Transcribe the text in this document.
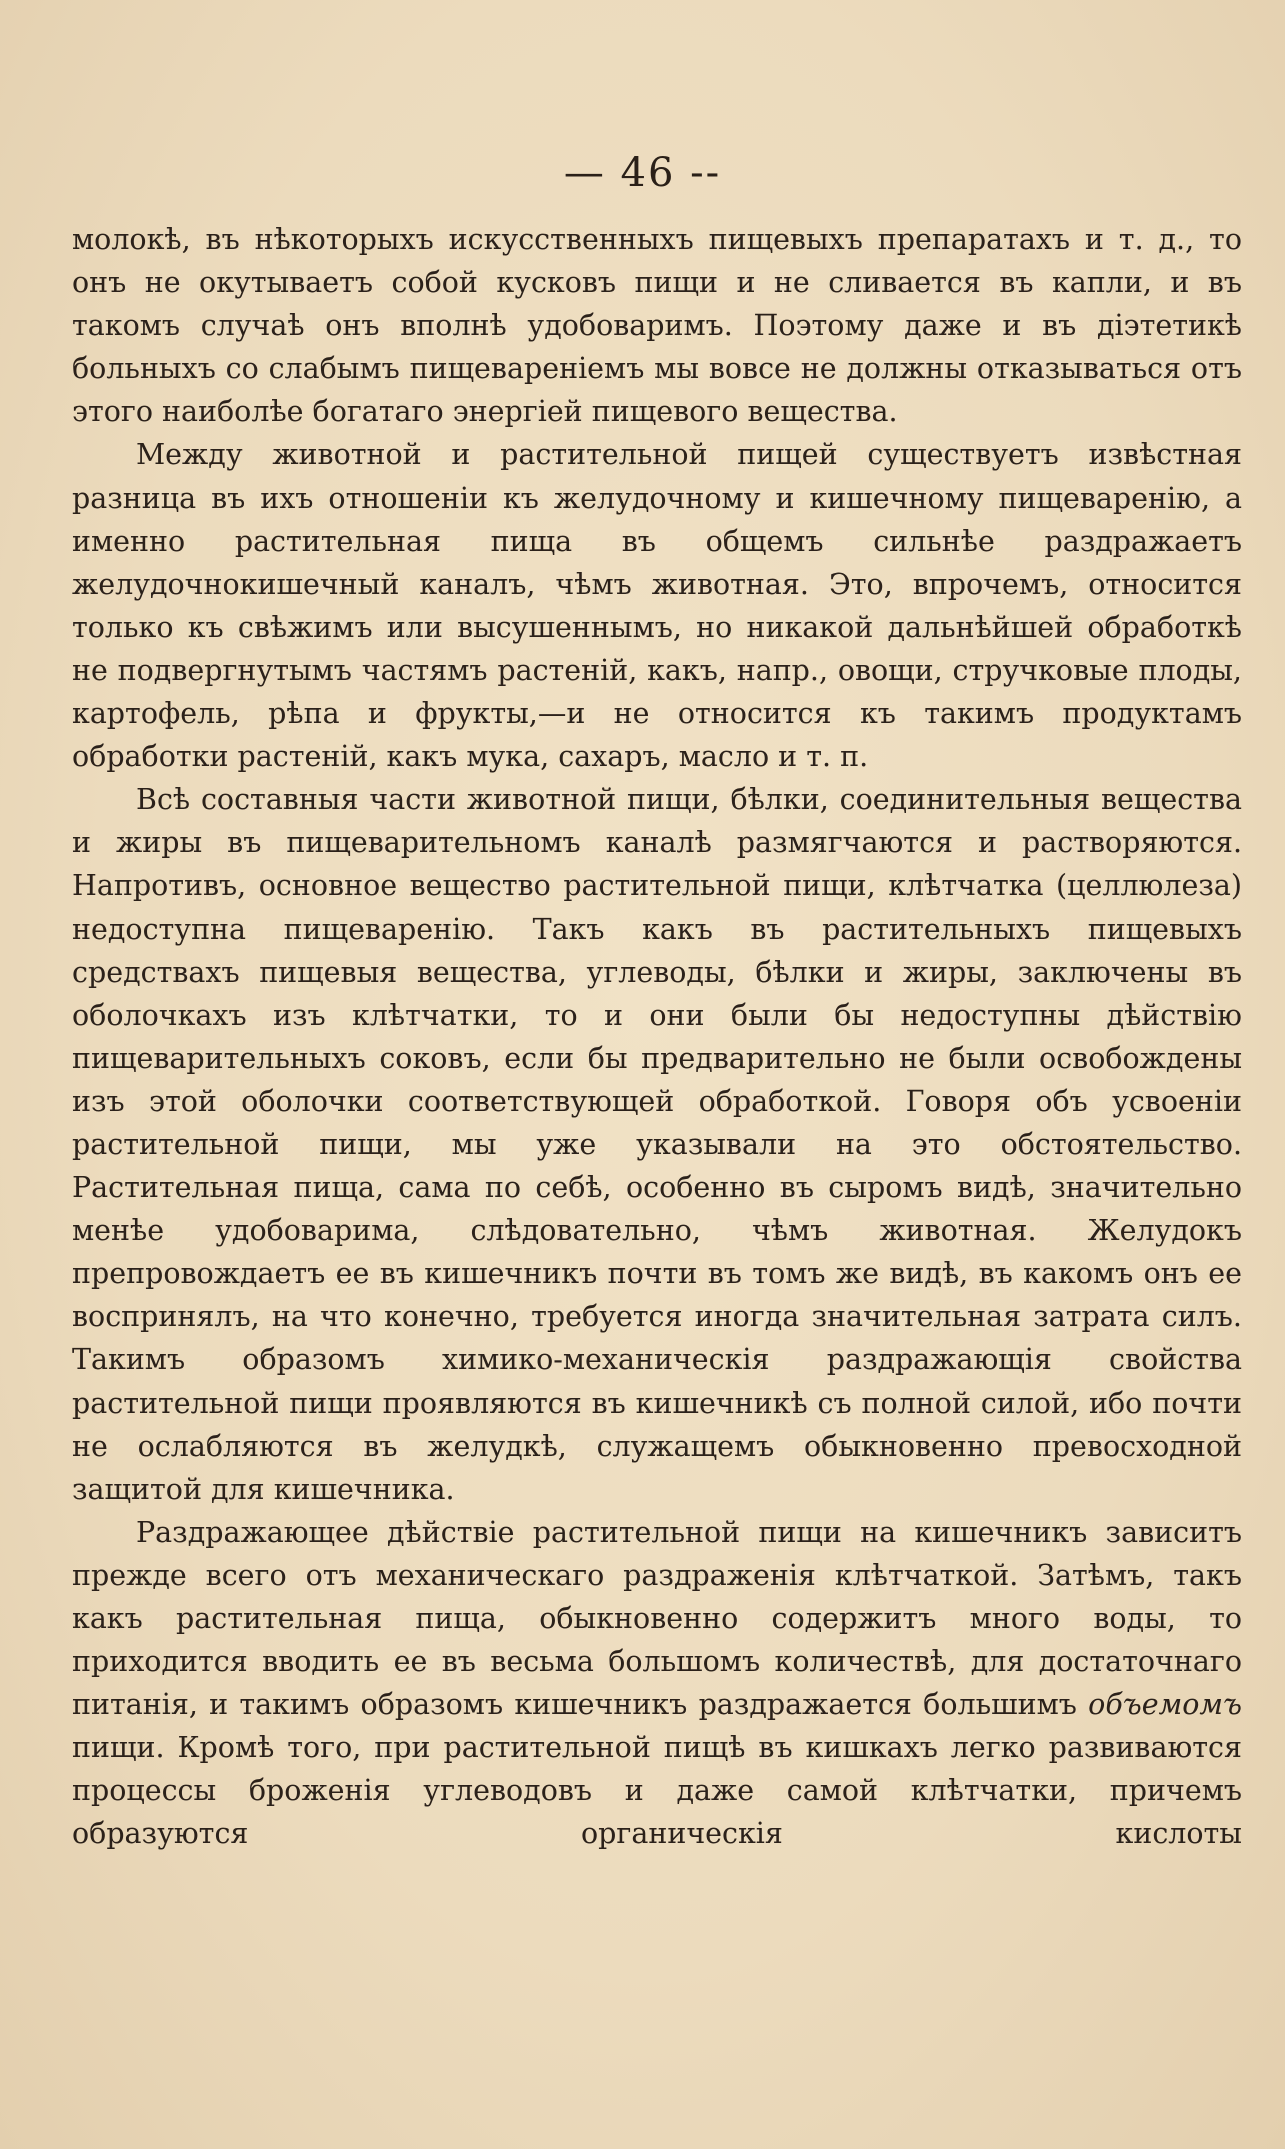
— 46 --

молокѣ, въ нѣкоторыхъ искусственныхъ пищевыхъ препаратахъ и т. д., то онъ не окутываетъ собой кусковъ пищи и не сливается въ капли, и въ такомъ случаѣ онъ вполнѣ удобоваримъ. Поэтому даже и въ діэтетикѣ больныхъ со слабымъ пищевареніемъ мы вовсе не должны отказываться отъ этого наиболѣе богатаго энергіей пищевого вещества.

Между животной и растительной пищей существуетъ извѣстная разница въ ихъ отношеніи къ желудочному и кишечному пищеваренію, а именно растительная пища въ общемъ сильнѣе раздражаетъ желудочнокишечный каналъ, чѣмъ животная. Это, впрочемъ, относится только къ свѣжимъ или высушеннымъ, но никакой дальнѣйшей обработкѣ не подвергнутымъ частямъ растеній, какъ, напр., овощи, стручковые плоды, картофель, рѣпа и фрукты,—и не относится къ такимъ продуктамъ обработки растеній, какъ мука, сахаръ, масло и т. п.

Всѣ составныя части животной пищи, бѣлки, соединительныя вещества и жиры въ пищеварительномъ каналѣ размягчаются и растворяются. Напротивъ, основное вещество растительной пищи, клѣтчатка (целлюлеза) недоступна пищеваренію. Такъ какъ въ растительныхъ пищевыхъ средствахъ пищевыя вещества, углеводы, бѣлки и жиры, заключены въ оболочкахъ изъ клѣтчатки, то и они были бы недоступны дѣйствію пищеварительныхъ соковъ, если бы предварительно не были освобождены изъ этой оболочки соответствующей обработкой. Говоря объ усвоеніи растительной пищи, мы уже указывали на это обстоятельство. Растительная пища, сама по себѣ, особенно въ сыромъ видѣ, значительно менѣе удобоварима, слѣдовательно, чѣмъ животная. Желудокъ препровождаетъ ее въ кишечникъ почти въ томъ же видѣ, въ какомъ онъ ее воспринялъ, на что конечно, требуется иногда значительная затрата силъ. Такимъ образомъ химико-механическія раздражающія свойства растительной пищи проявляются въ кишечникѣ съ полной силой, ибо почти не ослабляются въ желудкѣ, служащемъ обыкновенно превосходной защитой для кишечника.

Раздражающее дѣйствіе растительной пищи на кишечникъ зависитъ прежде всего отъ механическаго раздраженія клѣтчаткой. Затѣмъ, такъ какъ растительная пища, обыкновенно содержитъ много воды, то приходится вводить ее въ весьма большомъ количествѣ, для достаточнаго питанія, и такимъ образомъ кишечникъ раздражается большимъ объемомъ пищи. Кромѣ того, при растительной пищѣ въ кишкахъ легко развиваются процессы броженія углеводовъ и даже самой клѣтчатки, причемъ образуются органическія кислоты
